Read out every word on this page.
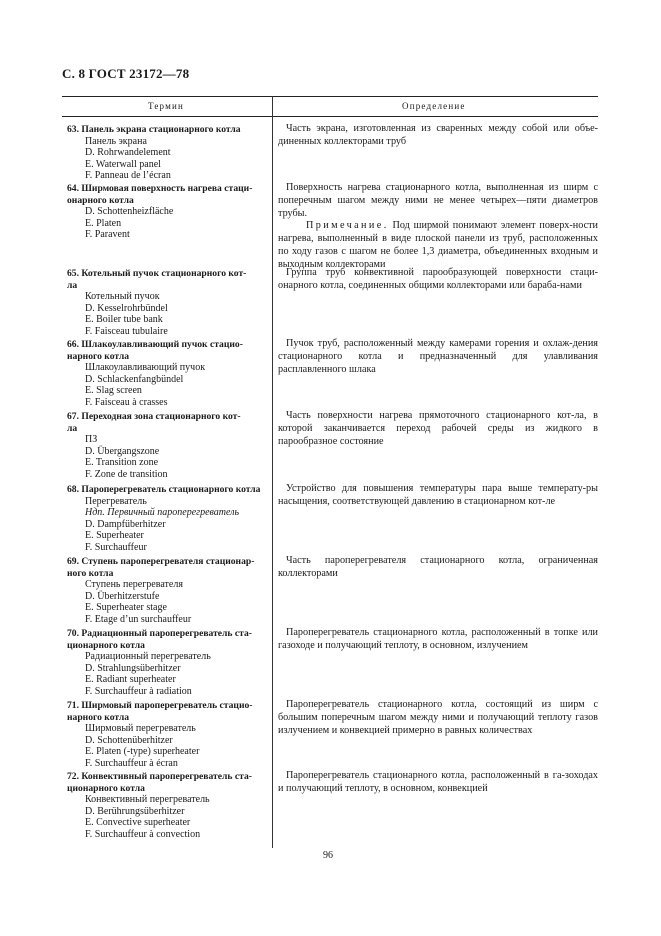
С. 8 ГОСТ 23172—78
Термин	Определение
63. Панель экрана стационарного котла
Панель экрана
D. Rohrwandelement
E. Waterwall panel
F. Panneau de l’écran

Часть экрана, изготовленная из сваренных между собой или объе-диненных коллекторами труб

64. Ширмовая поверхность нагрева стаци-
онарного котла
D. Schottenheizfläche
E. Platen
F. Paravent

Поверхность нагрева стационарного котла, выполненная из ширм с поперечным шагом между ними не менее четырех—пяти диаметров трубы.

Примечание. Под ширмой понимают элемент поверх-ности нагрева, выполненный в виде плоской панели из труб, расположенных по ходу газов с шагом не более 1,3 диаметра, объединенных входным и выходным коллекторами

65. Котельный пучок стационарного кот-
ла
Котельный пучок
D. Kesselrohrbündel
E. Boiler tube bank
F. Faisceau tubulaire

Группа труб конвективной парообразующей поверхности стаци-онарного котла, соединенных общими коллекторами или бараба-нами

66. Шлакоулавливающий пучок стацио-
нарного котла
Шлакоулавливающий пучок
D. Schlackenfangbündel
E. Slag screen
F. Faisceau à crasses

Пучок труб, расположенный между камерами горения и охлаж-дения стационарного котла и предназначенный для улавливания расплавленного шлака

67. Переходная зона стационарного кот-
ла
ПЗ
D. Übergangszone
E. Transition zone
F. Zone de transition

Часть поверхности нагрева прямоточного стационарного кот-ла, в которой заканчивается переход рабочей среды из жидкого в парообразное состояние

68. Пароперегреватель стационарного котла
Перегреватель
Ндп. Первичный пароперегреватель
D. Dampfüberhitzer
E. Superheater
F. Surchauffeur

Устройство для повышения температуры пара выше температу-ры насыщения, соответствующей давлению в стационарном кот-ле

69. Ступень пароперегревателя стационар-
ного котла
Ступень перегревателя
D. Überhitzerstufe
E. Superheater stage
F. Etage d’un surchauffeur

Часть пароперегревателя стационарного котла, ограниченная коллекторами

70. Радиационный пароперегреватель ста-
ционарного котла
Радиационный перегреватель
D. Strahlungsüberhitzer
E. Radiant superheater
F. Surchauffeur à radiation

Пароперегреватель стационарного котла, расположенный в топке или газоходе и получающий теплоту, в основном, излучением

71. Ширмовый пароперегреватель стацио-
нарного котла
Ширмовый перегреватель
D. Schottenüberhitzer
E. Platen (-type) superheater
F. Surchauffeur à écran

Пароперегреватель стационарного котла, состоящий из ширм с большим поперечным шагом между ними и получающий теплоту газов излучением и конвекцией примерно в равных количествах

72. Конвективный пароперегреватель ста-
ционарного котла
Конвективный перегреватель
D. Berührungsüberhitzer
E. Convective superheater
F. Surchauffeur à convection

Пароперегреватель стационарного котла, расположенный в га-зоходах и получающий теплоту, в основном, конвекцией

96
